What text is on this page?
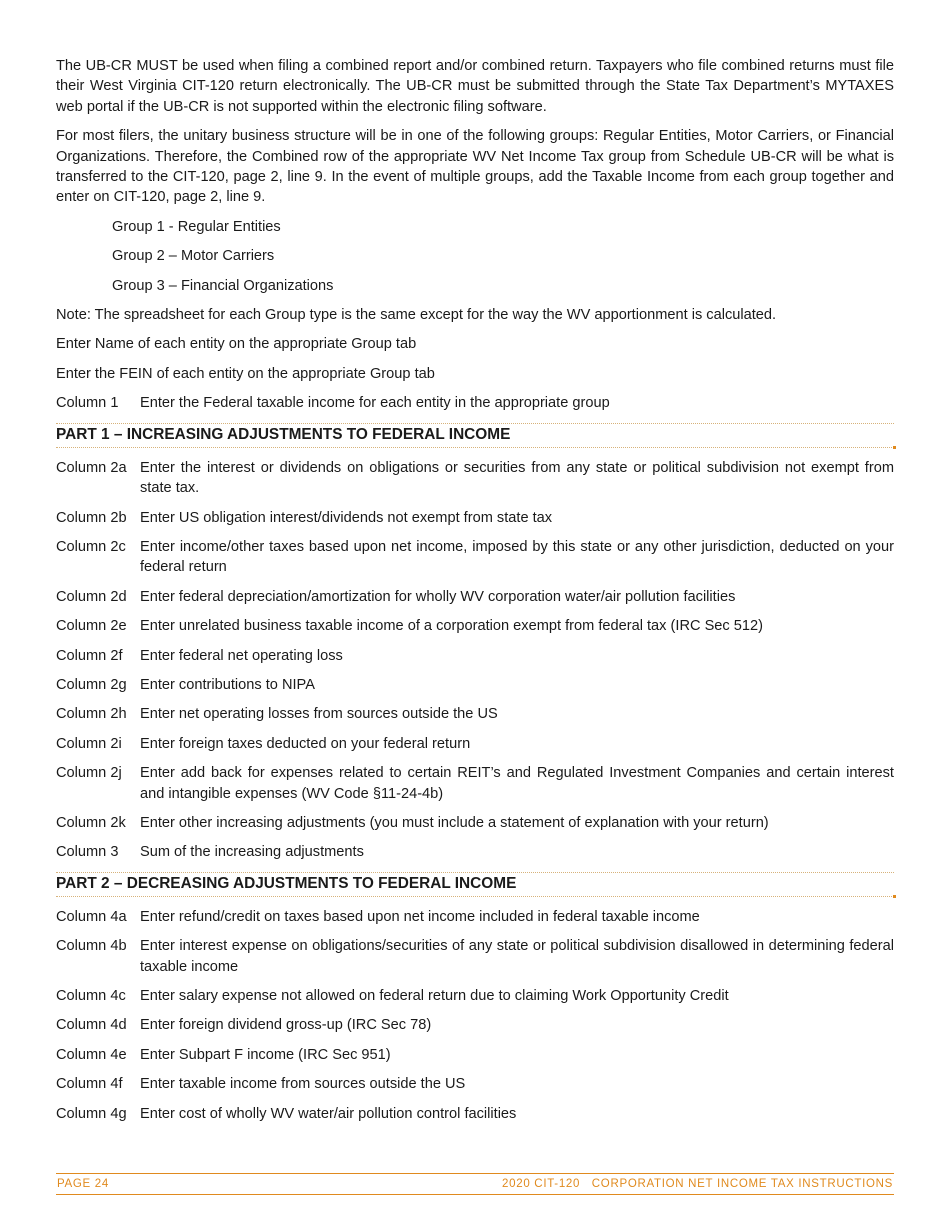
The UB-CR MUST be used when filing a combined report and/or combined return. Taxpayers who file combined returns must file their West Virginia CIT-120 return electronically. The UB-CR must be submitted through the State Tax Department’s MYTAXES web portal if the UB-CR is not supported within the electronic filing software.

For most filers, the unitary business structure will be in one of the following groups: Regular Entities, Motor Carriers, or Financial Organizations. Therefore, the Combined row of the appropriate WV Net Income Tax group from Schedule UB-CR will be what is transferred to the CIT-120, page 2, line 9. In the event of multiple groups, add the Taxable Income from each group together and enter on CIT-120, page 2, line 9.

Group 1 - Regular Entities
Group 2 – Motor Carriers
Group 3 – Financial Organizations
Note: The spreadsheet for each Group type is the same except for the way the WV apportionment is calculated.
Enter Name of each entity on the appropriate Group tab
Enter the FEIN of each entity on the appropriate Group tab
Column 1	Enter the Federal taxable income for each entity in the appropriate group
PART 1 – INCREASING ADJUSTMENTS TO FEDERAL INCOME
Column 2a Enter the interest or dividends on obligations or securities from any state or political subdivision not exempt from state tax.
Column 2b Enter US obligation interest/dividends not exempt from state tax
Column 2c Enter income/other taxes based upon net income, imposed by this state or any other jurisdiction, deducted on your federal return
Column 2d Enter federal depreciation/amortization for wholly WV corporation water/air pollution facilities
Column 2e Enter unrelated business taxable income of a corporation exempt from federal tax (IRC Sec 512)
Column 2f	Enter federal net operating loss
Column 2g Enter contributions to NIPA
Column 2h Enter net operating losses from sources outside the US
Column 2i	Enter foreign taxes deducted on your federal return
Column 2j	Enter add back for expenses related to certain REIT’s and Regulated Investment Companies and certain interest and intangible expenses (WV Code §11-24-4b)
Column 2k Enter other increasing adjustments (you must include a statement of explanation with your return)
Column 3	Sum of the increasing adjustments
PART 2 – DECREASING ADJUSTMENTS TO FEDERAL INCOME
Column 4a Enter refund/credit on taxes based upon net income included in federal taxable income
Column 4b Enter interest expense on obligations/securities of any state or political subdivision disallowed in determining federal taxable income
Column 4c Enter salary expense not allowed on federal return due to claiming Work Opportunity Credit
Column 4d Enter foreign dividend gross-up (IRC Sec 78)
Column 4e Enter Subpart F income (IRC Sec 951)
Column 4f	Enter taxable income from sources outside the US
Column 4g Enter cost of wholly WV water/air pollution control facilities
PAGE 24	2020 CIT-120   CORPORATION NET INCOME TAX INSTRUCTIONS
